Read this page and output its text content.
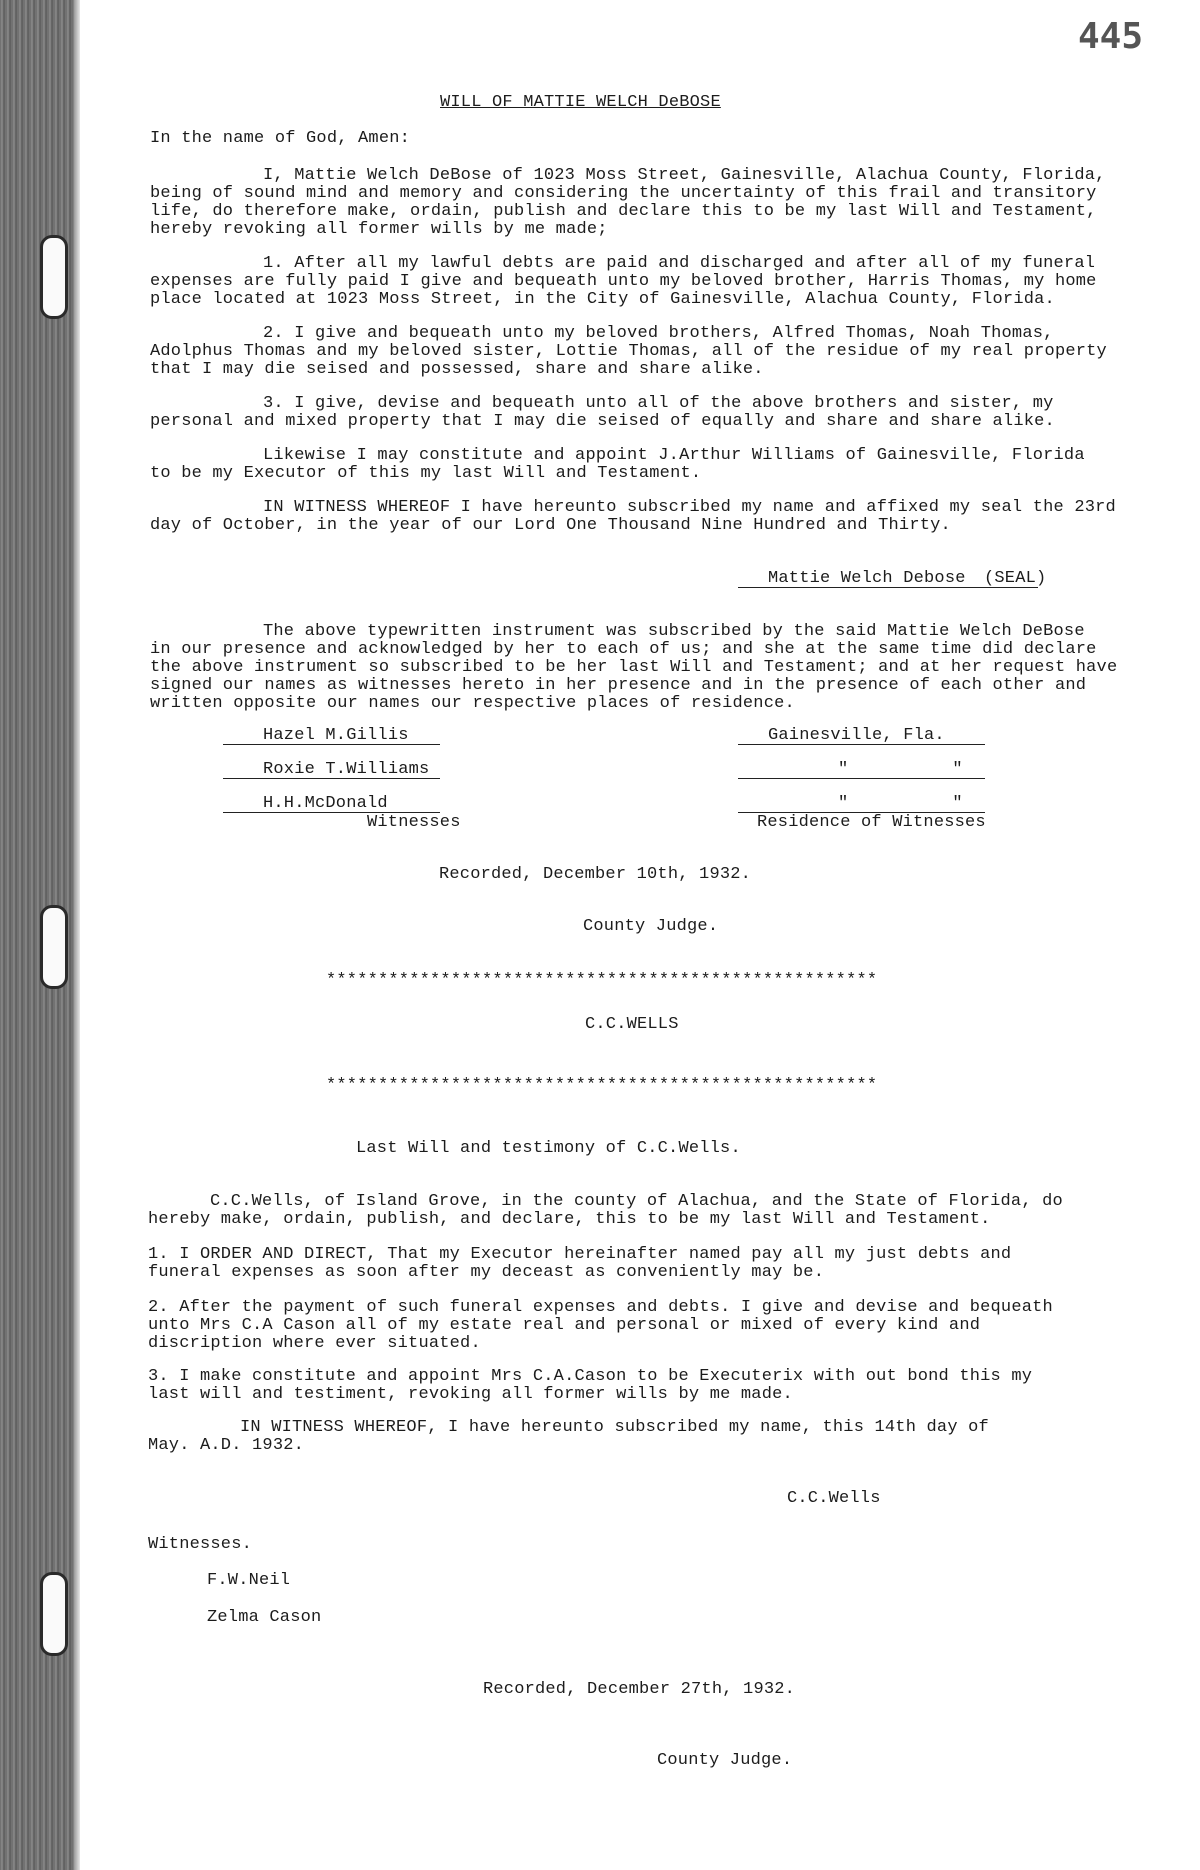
445
WILL OF MATTIE WELCH DeBOSE
In the name of God, Amen:
I, Mattie Welch DeBose of 1023 Moss Street, Gainesville, Alachua County, Florida,
being of sound mind and memory and considering the uncertainty of this frail and transitory
life, do therefore make, ordain, publish and declare this to be my last Will and Testament,
hereby revoking all former wills by me made;
1. After all my lawful debts are paid and discharged and after all of my funeral
expenses are fully paid I give and bequeath unto my beloved brother, Harris Thomas, my home
place located at 1023 Moss Street, in the City of Gainesville, Alachua County, Florida.
2. I give and bequeath unto my beloved brothers, Alfred Thomas, Noah Thomas,
Adolphus Thomas and my beloved sister, Lottie Thomas, all of the residue of my real property
that I may die seised and possessed, share and share alike.
3. I give, devise and bequeath unto all of the above brothers and sister, my
personal and mixed property that I may die seised of equally and share and share alike.
Likewise I may constitute and appoint J.Arthur Williams of Gainesville, Florida
to be my Executor of this my last Will and Testament.
IN WITNESS WHEREOF I have hereunto subscribed my name and affixed my seal the 23rd
day of October, in the year of our Lord One Thousand Nine Hundred and Thirty.
Mattie Welch Debose (SEAL)
The above typewritten instrument was subscribed by the said Mattie Welch DeBose
in our presence and acknowledged by her to each of us; and she at the same time did declare
the above instrument so subscribed to be her last Will and Testament; and at her request have
signed our names as witnesses hereto in her presence and in the presence of each other and
written opposite our names our respective places of residence.
Hazel M.Gillis	Gainesville, Fla.
Roxie T.Williams	"          "
H.H.McDonald	"          "
Witnesses	Residence of Witnesses
Recorded, December 10th, 1932.
County Judge.
*****************************************************
C.C.WELLS
*****************************************************
Last Will and testimony of C.C.Wells.
C.C.Wells, of Island Grove, in the county of Alachua, and the State of Florida, do
hereby make, ordain, publish, and declare, this to be my last Will and Testament.
1. I ORDER AND DIRECT, That my Executor hereinafter named pay all my just debts and
funeral expenses as soon after my deceast as conveniently may be.
2. After the payment of such funeral expenses and debts. I give and devise and bequeath
unto Mrs C.A Cason all of my estate real and personal or mixed of every kind and
discription where ever situated.
3. I make constitute and appoint Mrs C.A.Cason to be Executerix with out bond this my
last will and testiment, revoking all former wills by me made.
IN WITNESS WHEREOF, I have hereunto subscribed my name, this 14th day of
May. A.D. 1932.
C.C.Wells
Witnesses.
F.W.Neil
Zelma Cason
Recorded, December 27th, 1932.
County Judge.
